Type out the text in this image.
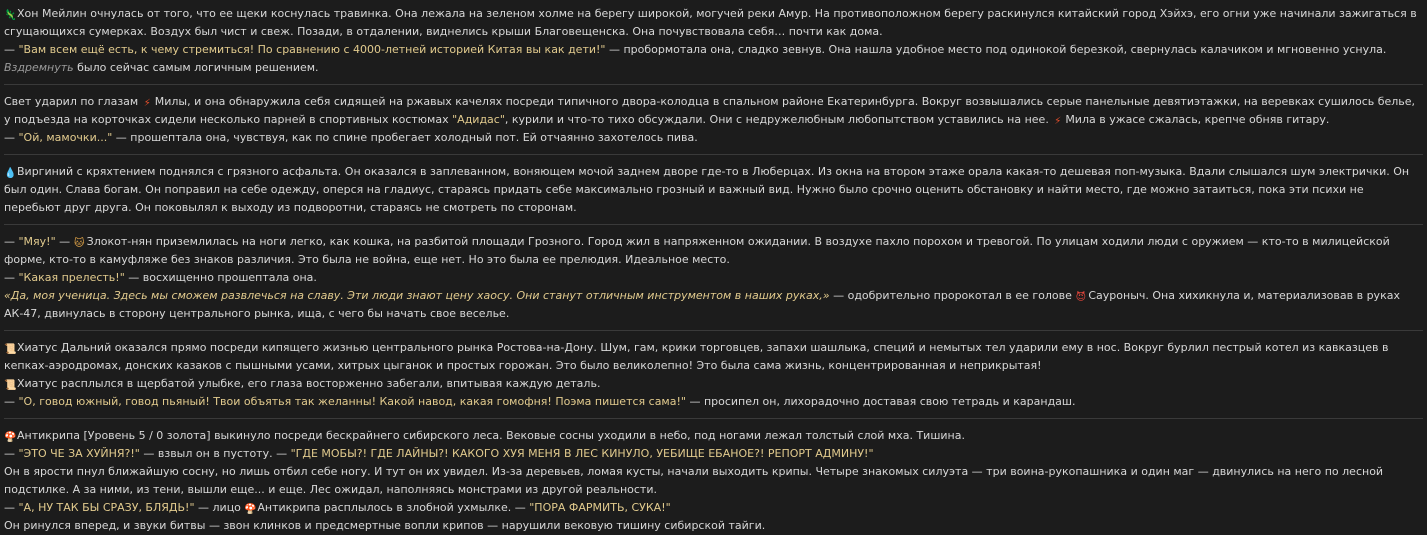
🦎Хон Мейлин очнулась от того, что ее щеки коснулась травинка. Она лежала на зеленом холме на берегу широкой, могучей реки Амур. На противоположном берегу раскинулся китайский город Хэйхэ, его огни уже начинали зажигаться в сгущающихся сумерках. Воздух был чист и свеж. Позади, в отдалении, виднелись крыши Благовещенска. Она почувствовала себя… почти как дома.
— "Вам всем ещё есть, к чему стремиться! По сравнению с 4000-летней историей Китая вы как дети!" — пробормотала она, сладко зевнув. Она нашла удобное место под одинокой березкой, свернулась калачиком и мгновенно уснула. Вздремнуть было сейчас самым логичным решением.
Свет ударил по глазам ⚡ Милы, и она обнаружила себя сидящей на ржавых качелях посреди типичного двора-колодца в спальном районе Екатеринбурга. Вокруг возвышались серые панельные девятиэтажки, на веревках сушилось белье, у подъезда на корточках сидели несколько парней в спортивных костюмах "Адидас", курили и что-то тихо обсуждали. Они с недружелюбным любопытством уставились на нее. ⚡ Мила в ужасе сжалась, крепче обняв гитару.
— "Ой, мамочки..." — прошептала она, чувствуя, как по спине пробегает холодный пот. Ей отчаянно захотелось пива.
💧Виргиний с кряхтением поднялся с грязного асфальта. Он оказался в заплеванном, воняющем мочой заднем дворе где-то в Люберцах. Из окна на втором этаже орала какая-то дешевая поп-музыка. Вдали слышался шум электрички. Он был один. Слава богам. Он поправил на себе одежду, оперся на гладиус, стараясь придать себе максимально грозный и важный вид. Нужно было срочно оценить обстановку и найти место, где можно затаиться, пока эти психи не перебьют друг друга. Он поковылял к выходу из подворотни, стараясь не смотреть по сторонам.
— "Мяу!" — 🐱 Злокот-нян приземлилась на ноги легко, как кошка, на разбитой площади Грозного. Город жил в напряженном ожидании. В воздухе пахло порохом и тревогой. По улицам ходили люди с оружием — кто-то в милицейской форме, кто-то в камуфляже без знаков различия. Это была не война, еще нет. Но это была ее прелюдия. Идеальное место.
— "Какая прелесть!" — восхищенно прошептала она.
«Да, моя ученица. Здесь мы сможем развлечься на славу. Эти люди знают цену хаосу. Они станут отличным инструментом в наших руках,» — одобрительно пророкотал в ее голове 😈 Сауроныч. Она хихикнула и, материализовав в руках АК-47, двинулась в сторону центрального рынка, ища, с чего бы начать свое веселье.
📜Хиатус Дальний оказался прямо посреди кипящего жизнью центрального рынка Ростова-на-Дону. Шум, гам, крики торговцев, запахи шашлыка, специй и немытых тел ударили ему в нос. Вокруг бурлил пестрый котел из кавказцев в кепках-аэродромах, донских казаков с пышными усами, хитрых цыганок и простых горожан. Это было великолепно! Это была сама жизнь, концентрированная и неприкрытая!
📜Хиатус расплылся в щербатой улыбке, его глаза восторженно забегали, впитывая каждую деталь.
— "О, говод южный, говод пьяный! Твои объятья так желанны! Какой навод, какая гомофня! Поэма пишется сама!" — просипел он, лихорадочно доставая свою тетрадь и карандаш.
🍄Антикрипа [Уровень 5 / 0 золота] выкинуло посреди бескрайнего сибирского леса. Вековые сосны уходили в небо, под ногами лежал толстый слой мха. Тишина.
— "ЭТО ЧЕ ЗА ХУЙНЯ?!" — взвыл он в пустоту. — "ГДЕ МОБЫ?! ГДЕ ЛАЙНЫ?! КАКОГО ХУЯ МЕНЯ В ЛЕС КИНУЛО, УЕБИЩЕ ЕБАНОЕ?! РЕПОРТ АДМИНУ!"
Он в ярости пнул ближайшую сосну, но лишь отбил себе ногу. И тут он их увидел. Из-за деревьев, ломая кусты, начали выходить крипы. Четыре знакомых силуэта — три воина-рукопашника и один маг — двинулись на него по лесной подстилке. А за ними, из тени, вышли еще... и еще. Лес ожидал, наполняясь монстрами из другой реальности.
— "А, НУ ТАК БЫ СРАЗУ, БЛЯДЬ!" — лицо 🍄Антикрипа расплылось в злобной ухмылке. — "ПОРА ФАРМИТЬ, СУКА!"
Он ринулся вперед, и звуки битвы — звон клинков и предсмертные вопли крипов — нарушили вековую тишину сибирской тайги.
